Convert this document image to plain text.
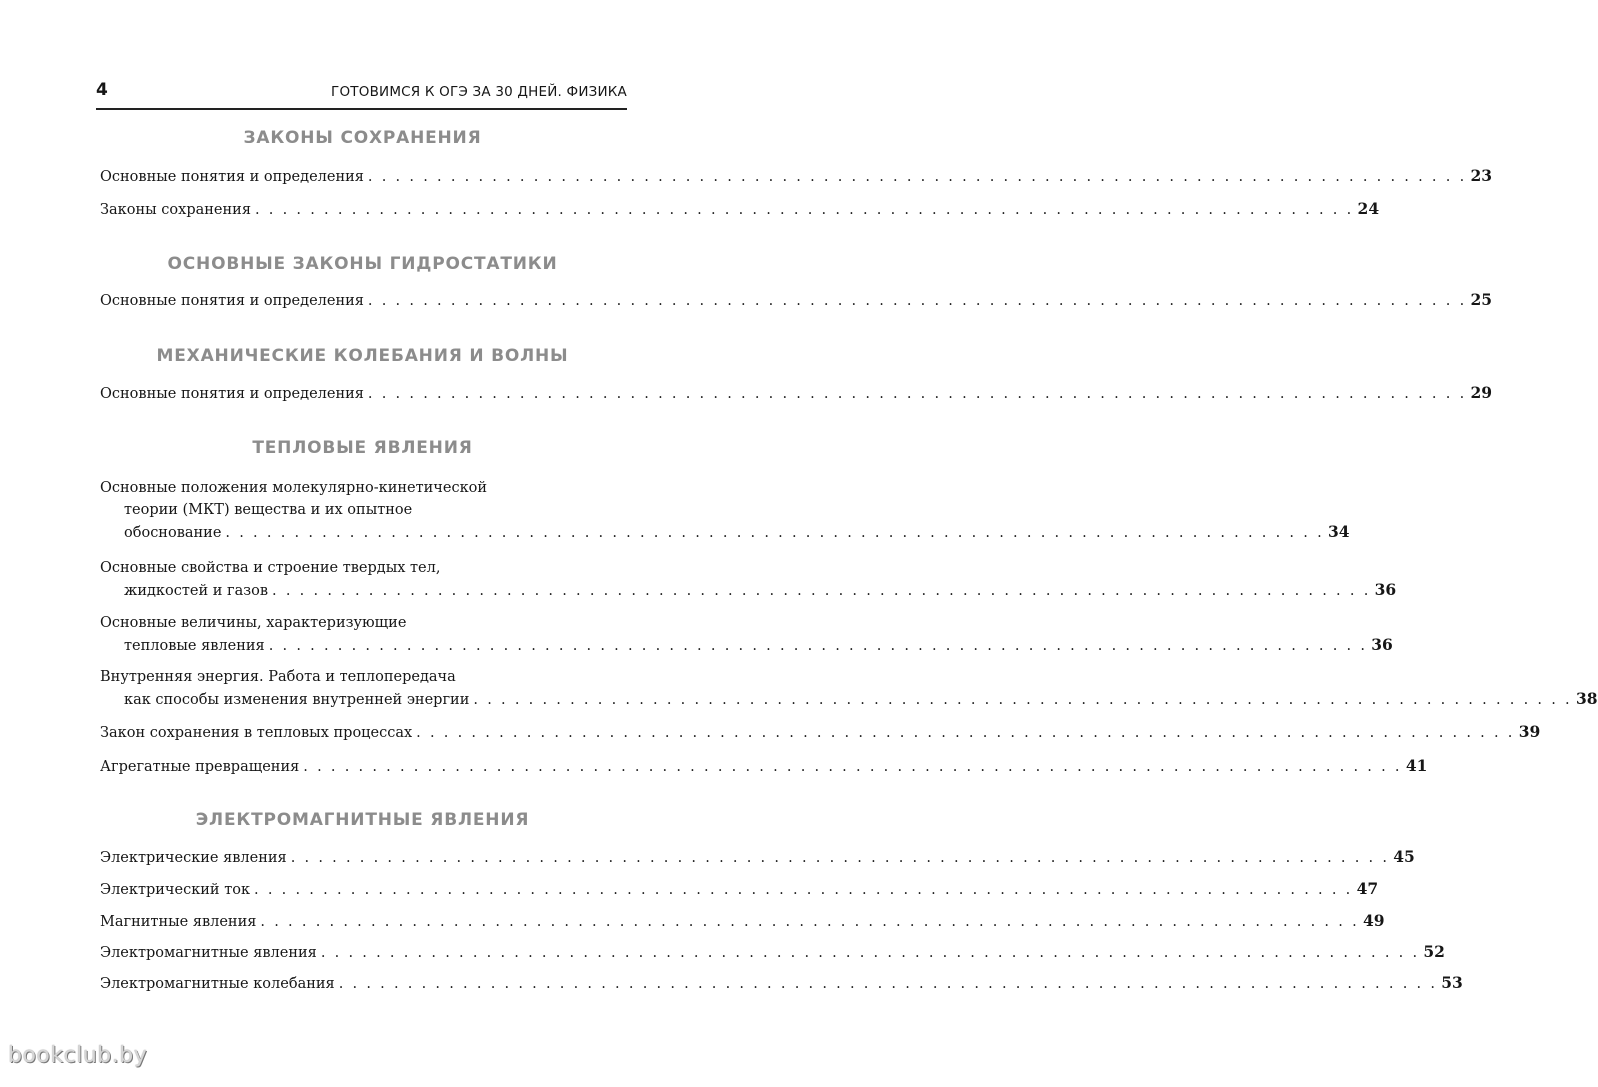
4	ГОТОВИМСЯ К ОГЭ ЗА 30 ДНЕЙ. ФИЗИКА
ЗАКОНЫ СОХРАНЕНИЯ
Основные понятия и определения . . . . . . . . . . . . . . . . . . . . . . . . . . . . . . . . . . . . . . . . . . . . . . . . . . . . . . . . . . . . . . . . . . . . . . . . . . . . . . . . 23
Законы сохранения . . . . . . . . . . . . . . . . . . . . . . . . . . . . . . . . . . . . . . . . . . . . . . . . . . . . . . . . . . . . . . . . . . . . . . . . . . . . . . . . 24
ОСНОВНЫЕ ЗАКОНЫ ГИДРОСТАТИКИ
Основные понятия и определения . . . . . . . . . . . . . . . . . . . . . . . . . . . . . . . . . . . . . . . . . . . . . . . . . . . . . . . . . . . . . . . . . . . . . . . . . . . . . . . . 25
МЕХАНИЧЕСКИЕ КОЛЕБАНИЯ И ВОЛНЫ
Основные понятия и определения . . . . . . . . . . . . . . . . . . . . . . . . . . . . . . . . . . . . . . . . . . . . . . . . . . . . . . . . . . . . . . . . . . . . . . . . . . . . . . . . 29
ТЕПЛОВЫЕ ЯВЛЕНИЯ
Основные положения молекулярно-кинетической
теории (МКТ) вещества и их опытное
обоснование . . . . . . . . . . . . . . . . . . . . . . . . . . . . . . . . . . . . . . . . . . . . . . . . . . . . . . . . . . . . . . . . . . . . . . . . . . . . . . . . 34
Основные свойства и строение твердых тел,
жидкостей и газов . . . . . . . . . . . . . . . . . . . . . . . . . . . . . . . . . . . . . . . . . . . . . . . . . . . . . . . . . . . . . . . . . . . . . . . . . . . . . . . . 36
Основные величины, характеризующие
тепловые явления . . . . . . . . . . . . . . . . . . . . . . . . . . . . . . . . . . . . . . . . . . . . . . . . . . . . . . . . . . . . . . . . . . . . . . . . . . . . . . . . 36
Внутренняя энергия. Работа и теплопередача
как способы изменения внутренней энергии . . . . . . . . . . . . . . . . . . . . . . . . . . . . . . . . . . . . . . . . . . . . . . . . . . . . . . . . . . . . . . . . . . . . . . . . . . . . . . . . 38
Закон сохранения в тепловых процессах . . . . . . . . . . . . . . . . . . . . . . . . . . . . . . . . . . . . . . . . . . . . . . . . . . . . . . . . . . . . . . . . . . . . . . . . . . . . . . . . 39
Агрегатные превращения . . . . . . . . . . . . . . . . . . . . . . . . . . . . . . . . . . . . . . . . . . . . . . . . . . . . . . . . . . . . . . . . . . . . . . . . . . . . . . . . 41
ЭЛЕКТРОМАГНИТНЫЕ ЯВЛЕНИЯ
Электрические явления . . . . . . . . . . . . . . . . . . . . . . . . . . . . . . . . . . . . . . . . . . . . . . . . . . . . . . . . . . . . . . . . . . . . . . . . . . . . . . . . 45
Электрический ток . . . . . . . . . . . . . . . . . . . . . . . . . . . . . . . . . . . . . . . . . . . . . . . . . . . . . . . . . . . . . . . . . . . . . . . . . . . . . . . . 47
Магнитные явления . . . . . . . . . . . . . . . . . . . . . . . . . . . . . . . . . . . . . . . . . . . . . . . . . . . . . . . . . . . . . . . . . . . . . . . . . . . . . . . . 49
Электромагнитные явления . . . . . . . . . . . . . . . . . . . . . . . . . . . . . . . . . . . . . . . . . . . . . . . . . . . . . . . . . . . . . . . . . . . . . . . . . . . . . . . . 52
Электромагнитные колебания . . . . . . . . . . . . . . . . . . . . . . . . . . . . . . . . . . . . . . . . . . . . . . . . . . . . . . . . . . . . . . . . . . . . . . . . . . . . . . . . 53
bookclub.by
